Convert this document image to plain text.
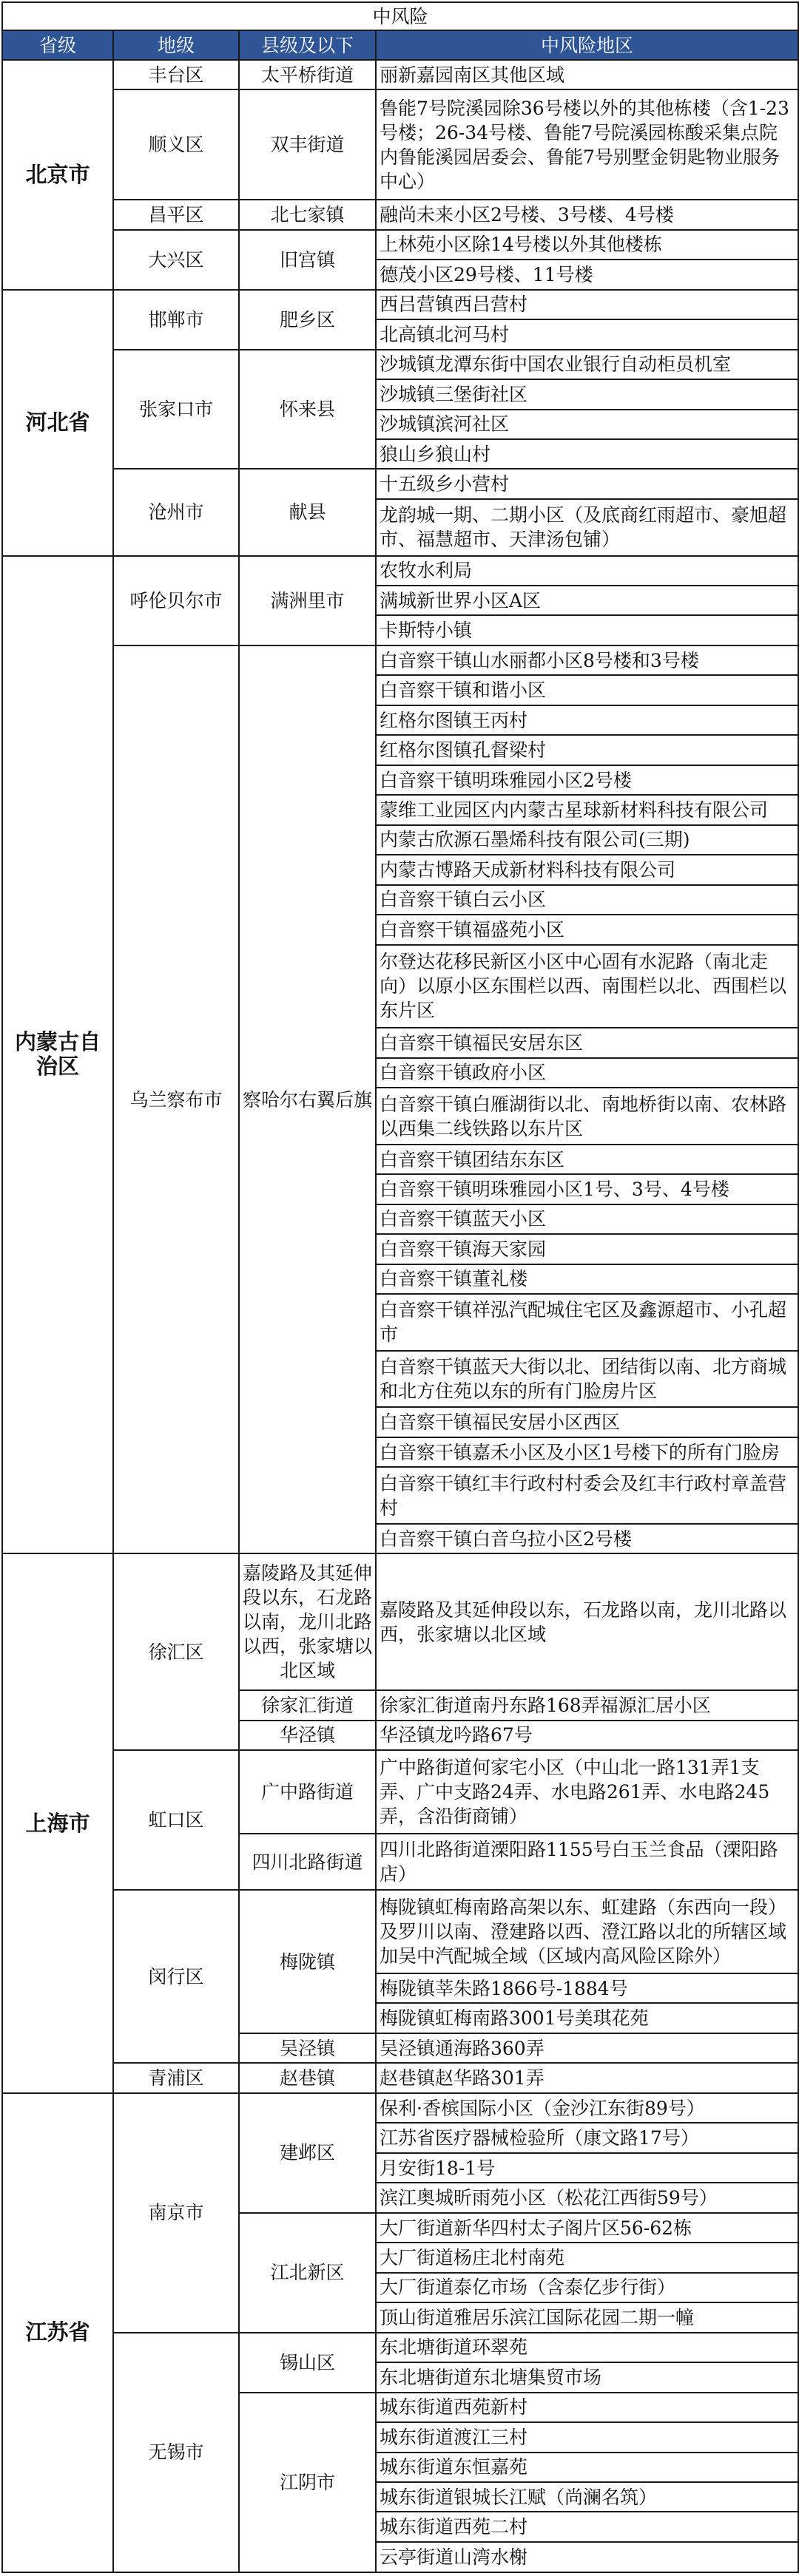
中风险			
省级	地级	县级及以下	中风险地区
北京市	丰台区	太平桥街道	丽新嘉园南区其他区域
	顺义区	双丰街道	鲁能7号院溪园除36号楼以外的其他栋楼（含1-23号楼；26-34号楼、鲁能7号院溪园栋酸采集点院内鲁能溪园居委会、鲁能7号别墅金钥匙物业服务中心）
	昌平区	北七家镇	融尚未来小区2号楼、3号楼、4号楼
	大兴区	旧宫镇	上林苑小区除14号楼以外其他楼栋
			德茂小区29号楼、11号楼
河北省	邯郸市	肥乡区	西吕营镇西吕营村
			北高镇北河马村
	张家口市	怀来县	沙城镇龙潭东街中国农业银行自动柜员机室
			沙城镇三堡街社区
			沙城镇滨河社区
			狼山乡狼山村
	沧州市	献县	十五级乡小营村
			龙韵城一期、二期小区（及底商红雨超市、豪旭超市、福慧超市、天津汤包铺）
内蒙古自治区	呼伦贝尔市	满洲里市	农牧水利局
			满城新世界小区A区
			卡斯特小镇
	乌兰察布市	察哈尔右翼后旗	白音察干镇山水丽都小区8号楼和3号楼
			白音察干镇和谐小区
			红格尔图镇王丙村
			红格尔图镇孔督梁村
			白音察干镇明珠雅园小区2号楼
			蒙维工业园区内内蒙古星球新材料科技有限公司
			内蒙古欣源石墨烯科技有限公司(三期)
			内蒙古博路天成新材料科技有限公司
			白音察干镇白云小区
			白音察干镇福盛苑小区
			尔登达花移民新区小区中心固有水泥路（南北走向）以原小区东围栏以西、南围栏以北、西围栏以东片区
			白音察干镇福民安居东区
			白音察干镇政府小区
			白音察干镇白雁湖街以北、南地桥街以南、农林路以西集二线铁路以东片区
			白音察干镇团结东东区
			白音察干镇明珠雅园小区1号、3号、4号楼
			白音察干镇蓝天小区
			白音察干镇海天家园
			白音察干镇董礼楼
			白音察干镇祥泓汽配城住宅区及鑫源超市、小孔超市
			白音察干镇蓝天大街以北、团结街以南、北方商城和北方住苑以东的所有门脸房片区
			白音察干镇福民安居小区西区
			白音察干镇嘉禾小区及小区1号楼下的所有门脸房
			白音察干镇红丰行政村村委会及红丰行政村章盖营村
			白音察干镇白音乌拉小区2号楼
上海市	徐汇区	嘉陵路及其延伸段以东，石龙路以南，龙川北路以西，张家塘以北区域	嘉陵路及其延伸段以东，石龙路以南，龙川北路以西，张家塘以北区域
		徐家汇街道	徐家汇街道南丹东路168弄福源汇居小区
		华泾镇	华泾镇龙吟路67号
	虹口区	广中路街道	广中路街道何家宅小区（中山北一路131弄1支弄、广中支路24弄、水电路261弄、水电路245弄，含沿街商铺）
		四川北路街道	四川北路街道溧阳路1155号白玉兰食品（溧阳路店）
	闵行区	梅陇镇	梅陇镇虹梅南路高架以东、虹建路（东西向一段）及罗川以南、澄建路以西、澄江路以北的所辖区域加吴中汽配城全域（区域内高风险区除外）
			梅陇镇莘朱路1866号-1884号
			梅陇镇虹梅南路3001号美琪花苑
		吴泾镇	吴泾镇通海路360弄
	青浦区	赵巷镇	赵巷镇赵华路301弄
江苏省	南京市	建邺区	保利·香槟国际小区（金沙江东街89号）
			江苏省医疗器械检验所（康文路17号）
			月安街18-1号
			滨江奥城昕雨苑小区（松花江西街59号）
		江北新区	大厂街道新华四村太子阁片区56-62栋
			大厂街道杨庄北村南苑
			大厂街道泰亿市场（含泰亿步行街）
			顶山街道雅居乐滨江国际花园二期一幢
	无锡市	锡山区	东北塘街道环翠苑
			东北塘街道东北塘集贸市场
		江阴市	城东街道西苑新村
			城东街道渡江三村
			城东街道东恒嘉苑
			城东街道银城长江赋（尚澜名筑）
			城东街道西苑二村
			云亭街道山湾水榭
